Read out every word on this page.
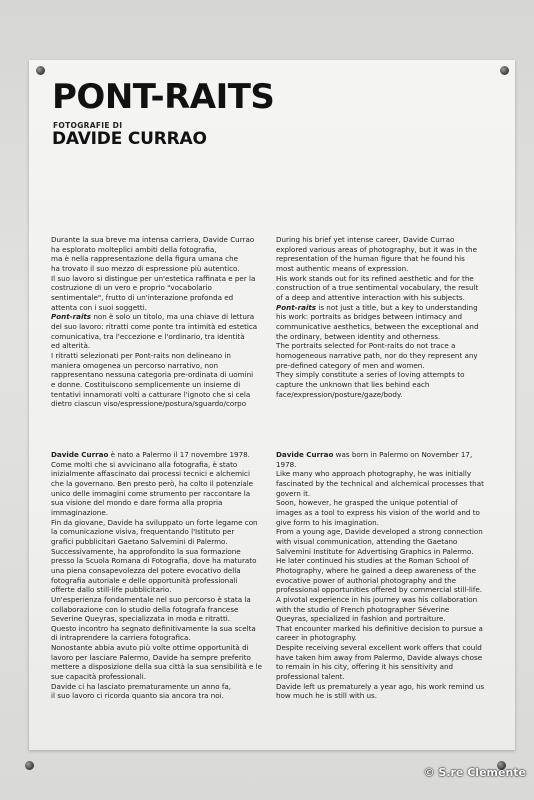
PONT-RAITS
FOTOGRAFIE DI
DAVIDE CURRAO
Durante la sua breve ma intensa carriera, Davide Currao
ha esplorato molteplici ambiti della fotografia,
ma è nella rappresentazione della figura umana che
ha trovato il suo mezzo di espressione più autentico.
Il suo lavoro si distingue per un'estetica raffinata e per la
costruzione di un vero e proprio "vocabolario
sentimentale", frutto di un'interazione profonda ed
attenta con i suoi soggetti.
Pont-raits non è solo un titolo, ma una chiave di lettura
del suo lavoro: ritratti come ponte tra intimità ed estetica
comunicativa, tra l'eccezione e l'ordinario, tra identità
ed alterità.
I ritratti selezionati per Pont-raits non delineano in
maniera omogenea un percorso narrativo, non
rappresentano nessuna categoria pre-ordinata di uomini
e donne. Costituiscono semplicemente un insieme di
tentativi innamorati volti a catturare l'ignoto che si cela
dietro ciascun viso/espressione/postura/sguardo/corpo
During his brief yet intense career, Davide Currao
explored various areas of photography, but it was in the
representation of the human figure that he found his
most authentic means of expression.
His work stands out for its refined aesthetic and for the
construction of a true sentimental vocabulary, the result
of a deep and attentive interaction with his subjects.
Pont-raits is not just a title, but a key to understanding
his work: portraits as bridges between intimacy and
communicative aesthetics, between the exceptional and
the ordinary, between identity and otherness.
The portraits selected for Pont-raits do not trace a
homogeneous narrative path, nor do they represent any
pre-defined category of men and women.
They simply constitute a series of loving attempts to
capture the unknown that lies behind each
face/expression/posture/gaze/body.
Davide Currao è nato a Palermo il 17 novembre 1978.
Come molti che si avvicinano alla fotografia, è stato
inizialmente affascinato dai processi tecnici e alchemici
che la governano. Ben presto però, ha colto il potenziale
unico delle immagini come strumento per raccontare la
sua visione del mondo e dare forma alla propria
immaginazione.
Fin da giovane, Davide ha sviluppato un forte legame con
la comunicazione visiva, frequentando l'Istituto per
grafici pubblicitari Gaetano Salvemini di Palermo.
Successivamente, ha approfondito la sua formazione
presso la Scuola Romana di Fotografia, dove ha maturato
una piena consapevolezza del potere evocativo della
fotografia autoriale e delle opportunità professionali
offerte dallo still-life pubblicitario.
Un'esperienza fondamentale nel suo percorso è stata la
collaborazione con lo studio della fotografa francese
Severine Queyras, specializzata in moda e ritratti.
Questo incontro ha segnato definitivamente la sua scelta
di intraprendere la carriera fotografica.
Nonostante abbia avuto più volte ottime opportunità di
lavoro per lasciare Palermo, Davide ha sempre preferito
mettere a disposizione della sua città la sua sensibilità e le
sue capacità professionali.
Davide ci ha lasciato prematuramente un anno fa,
il suo lavoro ci ricorda quanto sia ancora tra noi.
Davide Currao was born in Palermo on November 17,
1978.
Like many who approach photography, he was initially
fascinated by the technical and alchemical processes that
govern it.
Soon, however, he grasped the unique potential of
images as a tool to express his vision of the world and to
give form to his imagination.
From a young age, Davide developed a strong connection
with visual communication, attending the Gaetano
Salvemini Institute for Advertising Graphics in Palermo.
He later continued his studies at the Roman School of
Photography, where he gained a deep awareness of the
evocative power of authorial photography and the
professional opportunities offered by commercial still-life.
A pivotal experience in his journey was his collaboration
with the studio of French photographer Séverine
Queyras, specialized in fashion and portraiture.
That encounter marked his definitive decision to pursue a
career in photography.
Despite receiving several excellent work offers that could
have taken him away from Palermo, Davide always chose
to remain in his city, offering it his sensitivity and
professional talent.
Davide left us prematurely a year ago, his work remind us
how much he is still with us.
© S.re Clemente
